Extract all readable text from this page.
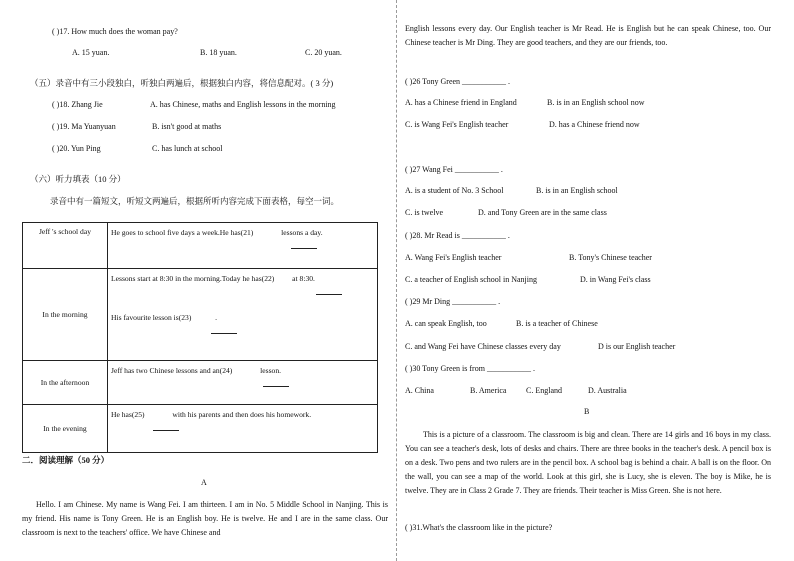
( )17. How much does the woman pay?
A. 15 yuan.	B. 18 yuan.	C. 20 yuan.
（五）录音中有三小段独白，听独白两遍后，根据独白内容，将信息配对。( 3 分)
( )18. Zhang Jie	A. has Chinese, maths and English lessons in the morning
( )19. Ma Yuanyuan	B. isn't good at maths
( )20. Yun Ping	C. has lunch at school
（六）听力填表（10 分）
录音中有一篇短文，听短文两遍后，根据所听内容完成下面表格，每空一词。
Jeff 's school day	He goes to school five days a week.He has(21) lessons a day.

In the morning	Lessons start at 8:30 in the morning.Today he has(22) at 8:30.
His favourite lesson is(23) .

In the afternoon	Jeff has two Chinese lessons and an(24) lesson.

In the evening	He has(25) with his parents and then does his homework.
二．阅读理解（50 分）
A
Hello. I am Chinese. My name is Wang Fei. I am thirteen. I am in No. 5 Middle School in Nanjing. This is my friend. His name is Tony Green. He is an English boy. He is twelve. He and I are in the same class. Our classroom is next to the teachers' office. We have Chinese and
English lessons every day. Our English teacher is Mr Read. He is English but he can speak Chinese, too. Our Chinese teacher is Mr Ding. They are good teachers, and they are our friends, too.
( )26 Tony Green ___________ .
A. has a Chinese friend in England	B. is in an English school now
C. is Wang Fei's English teacher	D. has a Chinese friend now
( )27 Wang Fei ___________ .
A. is a student of No. 3 School	B. is in an English school
C. is twelve	D. and Tony Green are in the same class
( )28. Mr Read is ___________ .
A. Wang Fei's English teacher	B. Tony's Chinese teacher
C. a teacher of English school in Nanjing	D. in Wang Fei's class
( )29 Mr Ding ___________ .
A. can speak English, too	B. is a teacher of Chinese
C. and Wang Fei have Chinese classes every day	D is our English teacher
( )30 Tony Green is from ___________ .
A. China	B. America C. England	D. Australia
B
This is a picture of a classroom. The classroom is big and clean. There are 14 girls and 16 boys in my class. You can see a teacher's desk, lots of desks and chairs. There are three books in the teacher's desk. A pencil box is on a desk. Two pens and two rulers are in the pencil box. A school bag is behind a chair. A ball is on the floor. On the wall, you can see a map of the world. Look at this girl, she is Lucy, she is eleven. The boy is Mike, he is twelve. They are in Class 2 Grade 7. They are friends. Their teacher is Miss Green. She is not here.
( )31.What's the classroom like in the picture?
